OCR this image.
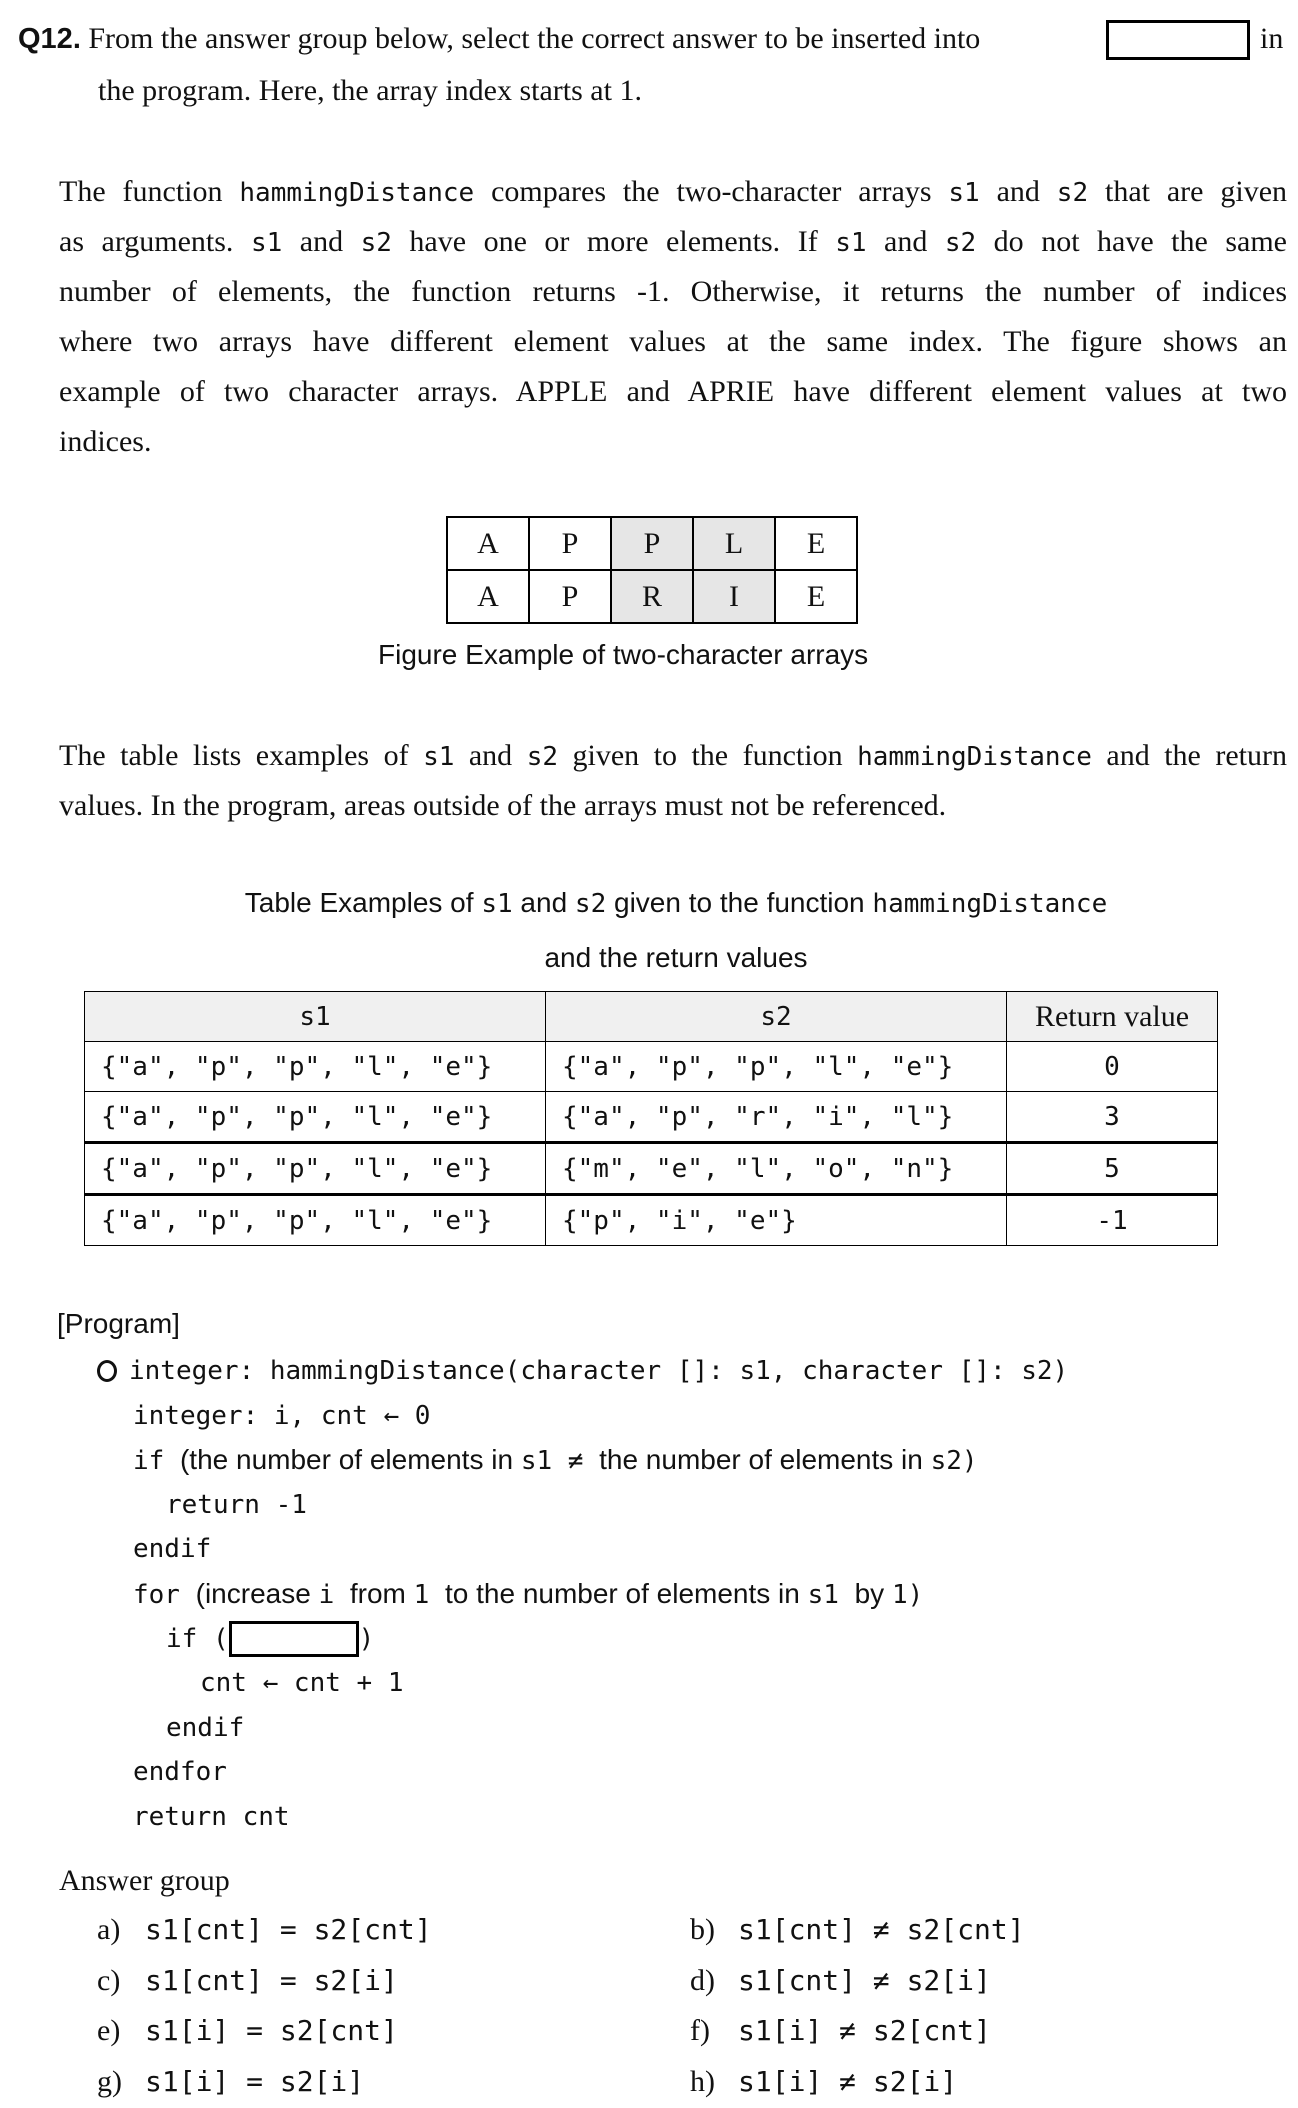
Q12. From the answer group below, select the correct answer to be inserted into	in
the program. Here, the array index starts at 1.
The function hammingDistance compares the two-character arrays s1 and s2 that are given
as arguments. s1 and s2 have one or more elements. If s1 and s2 do not have the same
number of elements, the function returns -1. Otherwise, it returns the number of indices
where two arrays have different element values at the same index. The figure shows an
example of two character arrays. APPLE and APRIE have different element values at two
indices.
A	P	P	L	E
A	P	R	I	E
Figure Example of two-character arrays
The table lists examples of s1 and s2 given to the function hammingDistance and the return
values. In the program, areas outside of the arrays must not be referenced.
Table Examples of s1 and s2 given to the function hammingDistance
and the return values
s1	s2	Return value
{"a", "p", "p", "l", "e"}	{"a", "p", "p", "l", "e"}	0
{"a", "p", "p", "l", "e"}	{"a", "p", "r", "i", "l"}	3
{"a", "p", "p", "l", "e"}	{"m", "e", "l", "o", "n"}	5
{"a", "p", "p", "l", "e"}	{"p", "i", "e"}	-1
[Program]
integer: hammingDistance(character []: s1, character []: s2)
integer: i, cnt ← 0
if (the number of elements in s1 ≠ the number of elements in s2)
return -1
endif
for (increase i from 1 to the number of elements in s1 by 1)
if (	)
cnt ← cnt + 1
endif
endfor
return cnt
Answer group
a) s1[cnt] = s2[cnt]	b) s1[cnt] ≠ s2[cnt]
c) s1[cnt] = s2[i]	d) s1[cnt] ≠ s2[i]
e) s1[i] = s2[cnt]	f) s1[i] ≠ s2[cnt]
g) s1[i] = s2[i]	h) s1[i] ≠ s2[i]
